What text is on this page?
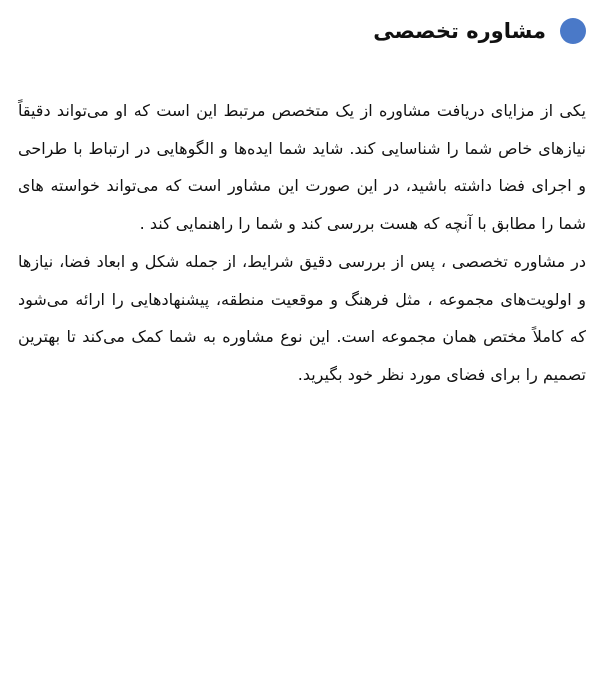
مشاوره تخصصی

یکی از مزایای دریافت مشاوره از یک متخصص مرتبط این است که او می‌تواند دقیقاً نیازهای خاص شما را شناسایی کند. شاید شما ایده‌ها و الگوهایی در ارتباط با طراحی و اجرای فضا داشته باشید، در این صورت این مشاور است که می‌تواند خواسته های شما را مطابق با آنچه که هست بررسی کند و شما را راهنمایی کند .

در مشاوره تخصصی ، پس از بررسی دقیق شرایط، از جمله شکل و ابعاد فضا، نیازها و اولویت‌های مجموعه ، مثل فرهنگ و موقعیت منطقه، پیشنهادهایی را ارائه می‌شود که کاملاً مختص همان مجموعه است. این نوع مشاوره به شما کمک می‌کند تا بهترین تصمیم را برای فضای مورد نظر خود بگیرید.
